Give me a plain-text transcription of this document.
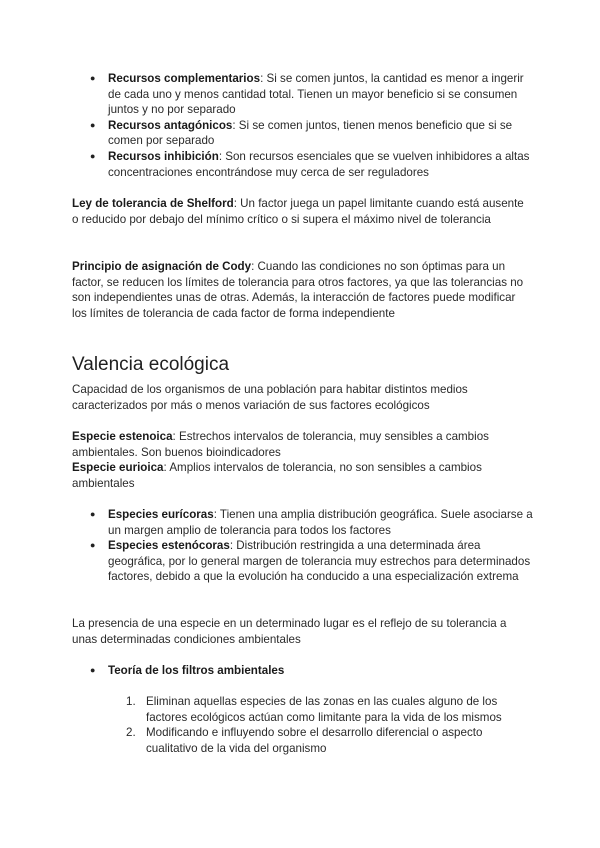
● Recursos complementarios: Si se comen juntos, la cantidad es menor a ingerir de cada uno y menos cantidad total. Tienen un mayor beneficio si se consumen juntos y no por separado
● Recursos antagónicos: Si se comen juntos, tienen menos beneficio que si se comen por separado
● Recursos inhibición: Son recursos esenciales que se vuelven inhibidores a altas concentraciones encontrándose muy cerca de ser reguladores

Ley de tolerancia de Shelford: Un factor juega un papel limitante cuando está ausente o reducido por debajo del mínimo crítico o si supera el máximo nivel de tolerancia

Principio de asignación de Cody: Cuando las condiciones no son óptimas para un factor, se reducen los límites de tolerancia para otros factores, ya que las tolerancias no son independientes unas de otras. Además, la interacción de factores puede modificar los límites de tolerancia de cada factor de forma independiente

Valencia ecológica

Capacidad de los organismos de una población para habitar distintos medios caracterizados por más o menos variación de sus factores ecológicos

Especie estenoica: Estrechos intervalos de tolerancia, muy sensibles a cambios ambientales. Son buenos bioindicadores

Especie eurioica: Amplios intervalos de tolerancia, no son sensibles a cambios ambientales

● Especies eurícoras: Tienen una amplia distribución geográfica. Suele asociarse a un margen amplio de tolerancia para todos los factores
● Especies estenócoras: Distribución restringida a una determinada área geográfica, por lo general margen de tolerancia muy estrechos para determinados factores, debido a que la evolución ha conducido a una especialización extrema

La presencia de una especie en un determinado lugar es el reflejo de su tolerancia a unas determinadas condiciones ambientales

● Teoría de los filtros ambientales
1. Eliminan aquellas especies de las zonas en las cuales alguno de los factores ecológicos actúan como limitante para la vida de los mismos
2. Modificando e influyendo sobre el desarrollo diferencial o aspecto cualitativo de la vida del organismo
